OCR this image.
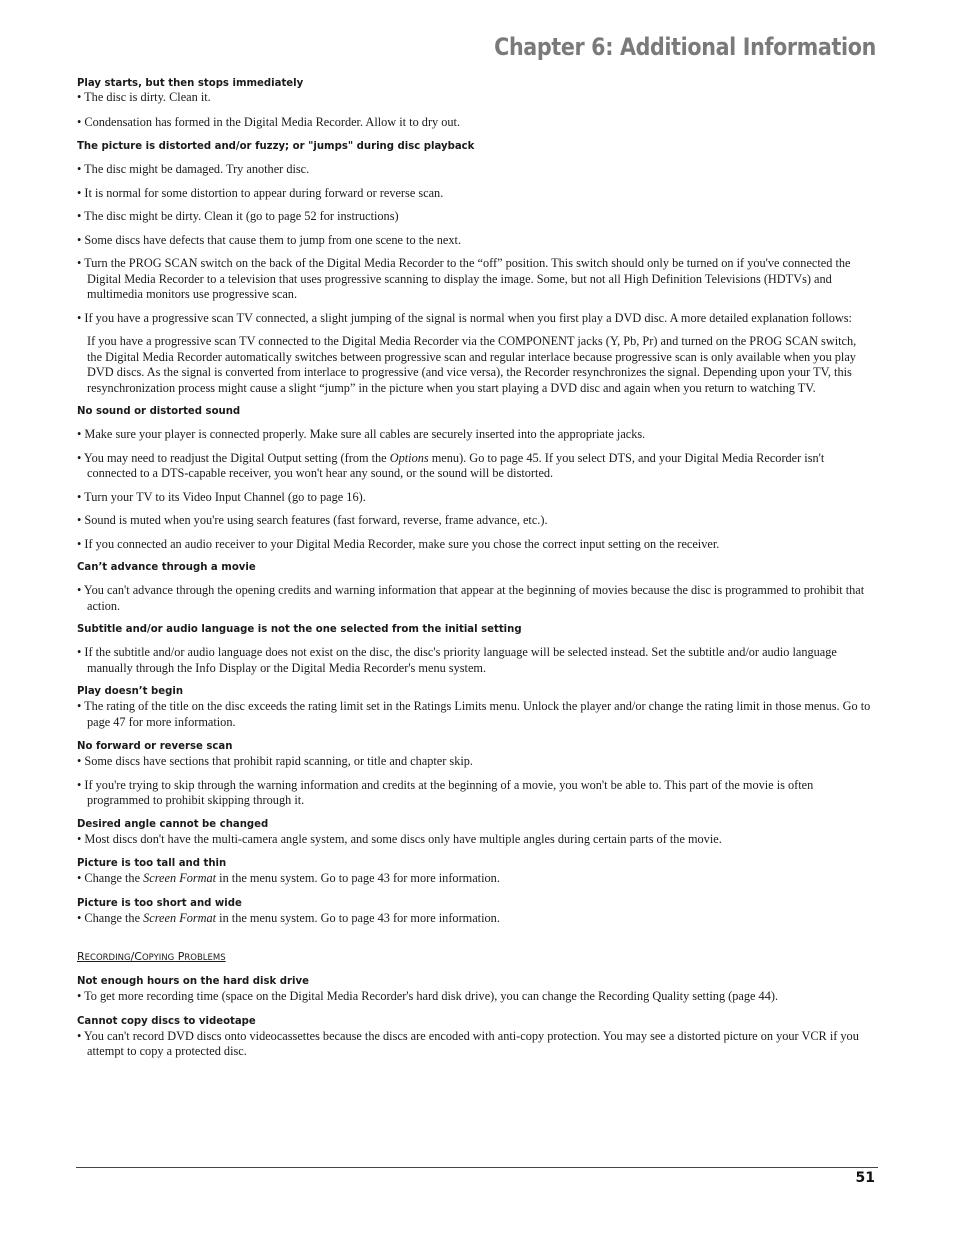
Chapter 6: Additional Information

Play starts, but then stops immediately

• The disc is dirty. Clean it.

• Condensation has formed in the Digital Media Recorder. Allow it to dry out.

The picture is distorted and/or fuzzy; or "jumps" during disc playback

• The disc might be damaged. Try another disc.

• It is normal for some distortion to appear during forward or reverse scan.

• The disc might be dirty. Clean it (go to page 52 for instructions)

• Some discs have defects that cause them to jump from one scene to the next.

• Turn the PROG SCAN switch on the back of the Digital Media Recorder to the “off” position. This switch should only be turned on if you've connected the Digital Media Recorder to a television that uses progressive scanning to display the image. Some, but not all High Definition Televisions (HDTVs) and multimedia monitors use progressive scan.

• If you have a progressive scan TV connected, a slight jumping of the signal is normal when you first play a DVD disc. A more detailed explanation follows:

If you have a progressive scan TV connected to the Digital Media Recorder via the COMPONENT jacks (Y, Pb, Pr) and turned on the PROG SCAN switch, the Digital Media Recorder automatically switches between progressive scan and regular interlace because progressive scan is only available when you play DVD discs. As the signal is converted from interlace to progressive (and vice versa), the Recorder resynchronizes the signal. Depending upon your TV, this resynchronization process might cause a slight “jump” in the picture when you start playing a DVD disc and again when you return to watching TV.

No sound or distorted sound

• Make sure your player is connected properly. Make sure all cables are securely inserted into the appropriate jacks.

• You may need to readjust the Digital Output setting (from the Options menu). Go to page 45. If you select DTS, and your Digital Media Recorder isn't connected to a DTS-capable receiver, you won't hear any sound, or the sound will be distorted.

• Turn your TV to its Video Input Channel (go to page 16).

• Sound is muted when you're using search features (fast forward, reverse, frame advance, etc.).

• If you connected an audio receiver to your Digital Media Recorder, make sure you chose the correct input setting on the receiver.

Can’t advance through a movie

• You can't advance through the opening credits and warning information that appear at the beginning of movies because the disc is programmed to prohibit that action.

Subtitle and/or audio language is not the one selected from the initial setting

• If the subtitle and/or audio language does not exist on the disc, the disc's priority language will be selected instead. Set the subtitle and/or audio language manually through the Info Display or the Digital Media Recorder's menu system.

Play doesn’t begin

• The rating of the title on the disc exceeds the rating limit set in the Ratings Limits menu. Unlock the player and/or change the rating limit in those menus. Go to page 47 for more information.

No forward or reverse scan

• Some discs have sections that prohibit rapid scanning, or title and chapter skip.

• If you're trying to skip through the warning information and credits at the beginning of a movie, you won't be able to. This part of the movie is often programmed to prohibit skipping through it.

Desired angle cannot be changed

• Most discs don't have the multi-camera angle system, and some discs only have multiple angles during certain parts of the movie.

Picture is too tall and thin

• Change the Screen Format in the menu system. Go to page 43 for more information.

Picture is too short and wide

• Change the Screen Format in the menu system. Go to page 43 for more information.

RECORDING/COPYING PROBLEMS

Not enough hours on the hard disk drive

• To get more recording time (space on the Digital Media Recorder's hard disk drive), you can change the Recording Quality setting (page 44).

Cannot copy discs to videotape

• You can't record DVD discs onto videocassettes because the discs are encoded with anti-copy protection. You may see a distorted picture on your VCR if you attempt to copy a protected disc.

51
